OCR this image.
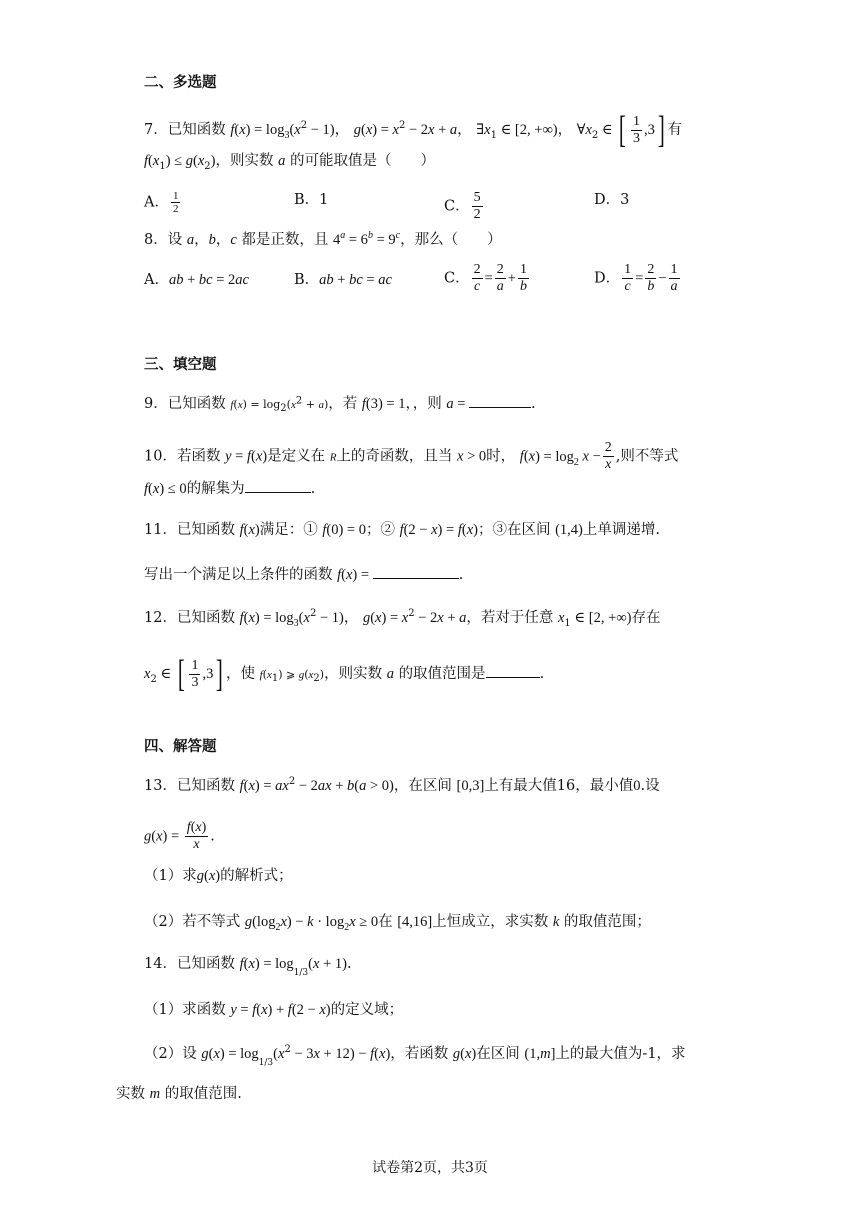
二、多选题
7．已知函数 $f(x) = \log_3(x^2 - 1)$， $g(x) = x^2 - 2x + a$， $\exists x_1$ ∈ [2, +∞)， $\forall x_2$ ∈ [ $\frac{1}{3} ,3$] 有
$f(x_1) \le g(x_2)$，则实数 a 的可能取值是（　　）
A． $\frac{1}{2}$	B．1	C． $\frac{5}{2}$	D．3
8．设 a，b，c 都是正数，且 $4^a = 6^b = 9^c$，那么（　　）
A．ab + bc = 2ac	B．ab + bc = ac	C． $\frac{2}{c} = \frac{2}{a} + \frac{1}{b}$	D． $\frac{1}{c} = \frac{2}{b} - \frac{1}{a}$
三、填空题
9．已知函数 $f(x) = \log_2(x^2 + a)$，若 f(3) = 1，，则 a =	.
10．若函数 y = f(x)是定义在 R上的奇函数，且当 x > 0时， $f(x) = \log_2 x - \frac{2}{x}$ ,则不等式
f(x) ≤ 0的解集为	.
11．已知函数 f(x)满足：① f(0) = 0；② f(2 − x) = f(x)；③在区间 (1,4)上单调递增.
写出一个满足以上条件的函数 f(x) =	.
12．已知函数 $f(x) = \log_3(x^2 - 1)$， $g(x) = x^2 - 2x + a$，若对于任意 $x_1$ ∈ [2, +∞)存在
$x_2$ ∈ [ $\frac{1}{3} ,3$] ，使 $f(x_1)$ ⩾ $g(x_2)$，则实数 a 的取值范围是	.
四、解答题
13．已知函数 $f(x) = ax^2 - 2ax + b(a > 0)$，在区间 [0,3]上有最大值16，最小值0.设
$g(x) = \frac{f(x)}{x}$ .
（1）求g(x)的解析式；
（2）若不等式 $g(\log_2x) - k \cdot \log_2x \ge 0$在 [4,16]上恒成立，求实数 k 的取值范围；
14．已知函数 $f(x) = \log_{1/3}(x + 1)$.
（1）求函数 y = f(x) + f(2 − x)的定义域；
（2）设 $g(x) = \log_{1/3}(x^2 - 3x + 12) - f(x)$，若函数 g(x)在区间 (1,m]上的最大值为-1，求
实数 m 的取值范围.
试卷第2页，共3页
